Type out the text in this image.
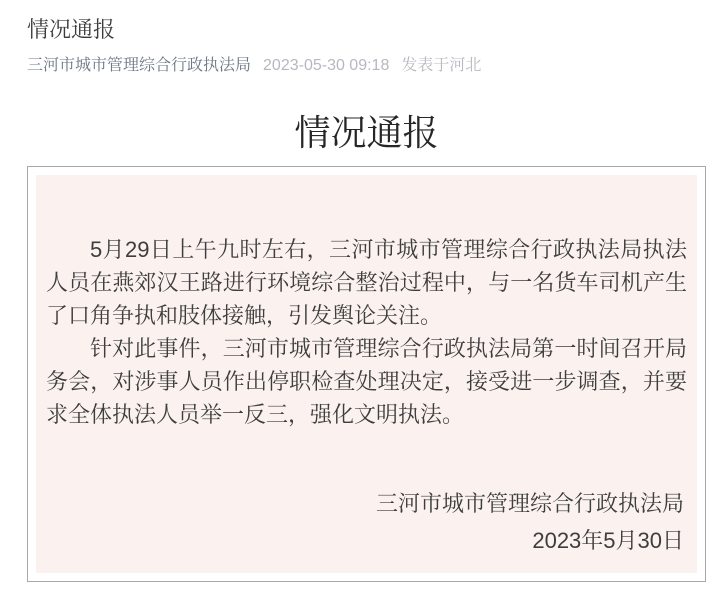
情况通报
三河市城市管理综合行政执法局 2023-05-30 09:18 发表于河北
情况通报

5月29日上午九时左右，三河市城市管理综合行政执法局执法人员在燕郊汉王路进行环境综合整治过程中，与一名货车司机产生了口角争执和肢体接触，引发舆论关注。

针对此事件，三河市城市管理综合行政执法局第一时间召开局务会，对涉事人员作出停职检查处理决定，接受进一步调查，并要求全体执法人员举一反三，强化文明执法。

三河市城市管理综合行政执法局

2023年5月30日
